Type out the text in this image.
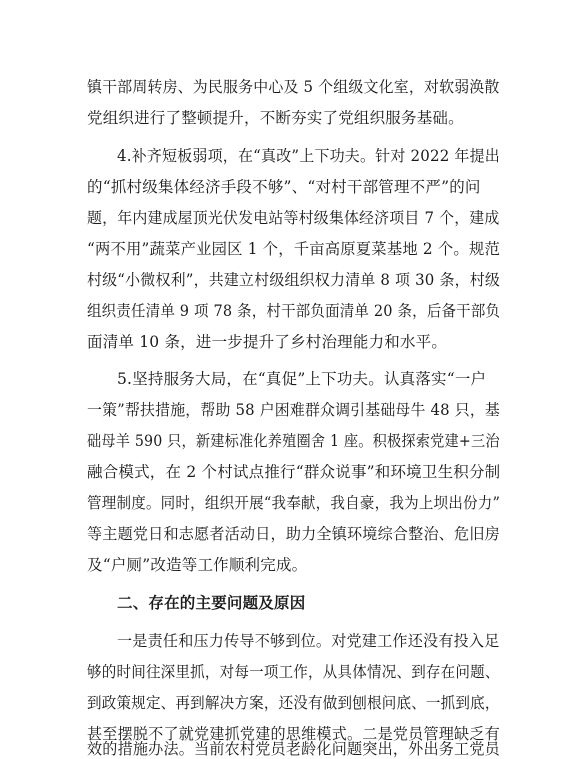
镇干部周转房、为民服务中心及 5 个组级文化室，对软弱涣散
党组织进行了整顿提升，不断夯实了党组织服务基础。
4.补齐短板弱项，在“真改”上下功夫。针对 2022 年提出
的“抓村级集体经济手段不够”、“对村干部管理不严”的问
题，年内建成屋顶光伏发电站等村级集体经济项目 7 个，建成
“两不用”蔬菜产业园区 1 个，千亩高原夏菜基地 2 个。规范
村级“小微权利”，共建立村级组织权力清单 8 项 30 条，村级
组织责任清单 9 项 78 条，村干部负面清单 20 条，后备干部负
面清单 10 条，进一步提升了乡村治理能力和水平。
5.坚持服务大局，在“真促”上下功夫。认真落实“一户
一策”帮扶措施，帮助 58 户困难群众调引基础母牛 48 只，基
础母羊 590 只，新建标准化养殖圈舍 1 座。积极探索党建+三治
融合模式，在 2 个村试点推行“群众说事”和环境卫生积分制
管理制度。同时，组织开展“我奉献，我自豪，我为上坝出份力”
等主题党日和志愿者活动日，助力全镇环境综合整治、危旧房
及“户厕”改造等工作顺利完成。
二、存在的主要问题及原因
一是责任和压力传导不够到位。对党建工作还没有投入足
够的时间往深里抓，对每一项工作，从具体情况、到存在问题、
到政策规定、再到解决方案，还没有做到刨根问底、一抓到底，
甚至摆脱不了就党建抓党建的思维模式。二是党员管理缺乏有
效的措施办法。当前农村党员老龄化问题突出，外出务工党员
